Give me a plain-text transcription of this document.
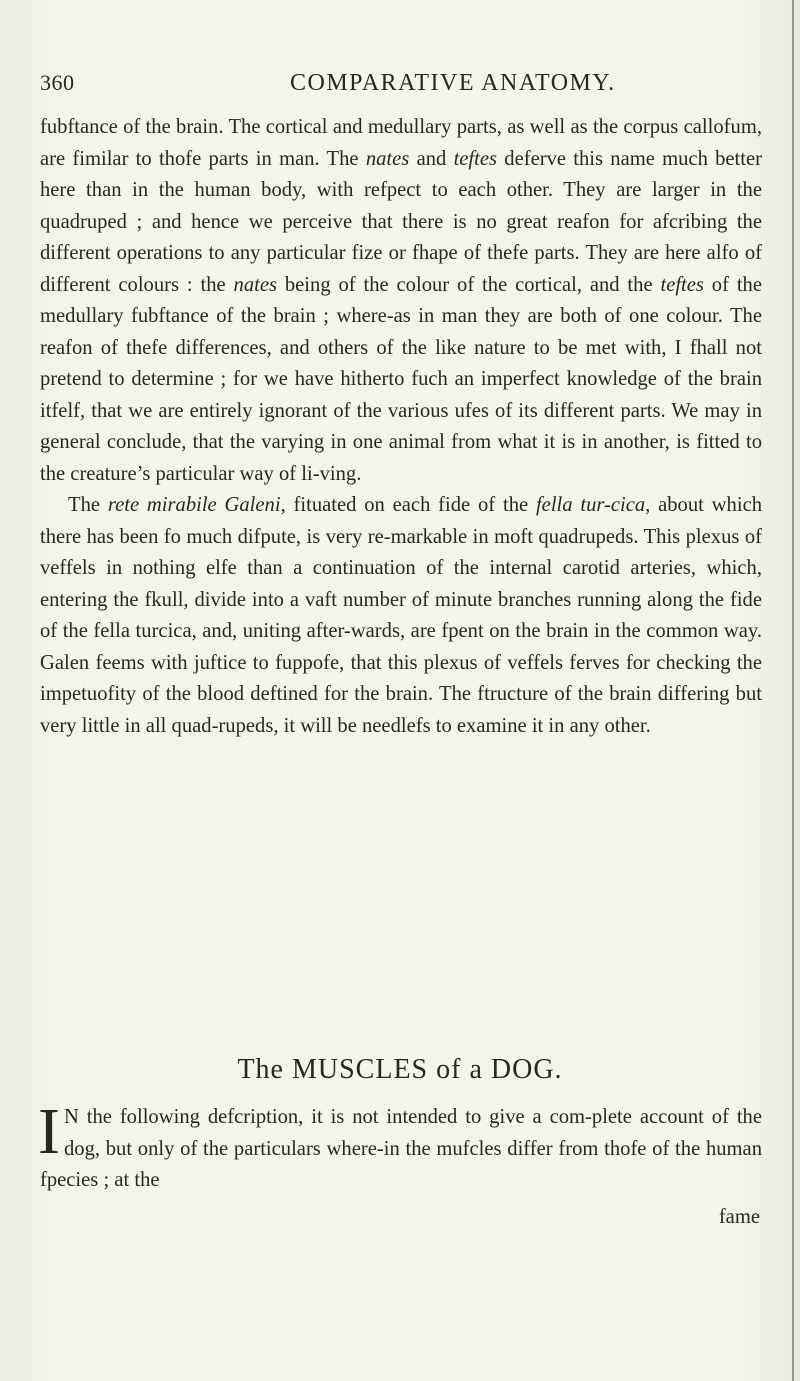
360	COMPARATIVE ANATOMY.

fubftance of the brain. The cortical and medullary parts, as well as the corpus callofum, are fimilar to thofe parts in man. The nates and teftes deferve this name much better here than in the human body, with refpect to each other. They are larger in the quadruped ; and hence we perceive that there is no great reafon for afcribing the different operations to any particular fize or fhape of thefe parts. They are here alfo of different colours : the nates being of the colour of the cortical, and the teftes of the medullary fubftance of the brain ; where-as in man they are both of one colour. The reafon of thefe differences, and others of the like nature to be met with, I fhall not pretend to determine ; for we have hitherto fuch an imperfect knowledge of the brain itfelf, that we are entirely ignorant of the various ufes of its different parts. We may in general conclude, that the varying in one animal from what it is in another, is fitted to the creature’s particular way of li-ving.

The rete mirabile Galeni, fituated on each fide of the fella tur-cica, about which there has been fo much difpute, is very re-markable in moft quadrupeds. This plexus of veffels in nothing elfe than a continuation of the internal carotid arteries, which, entering the fkull, divide into a vaft number of minute branches running along the fide of the fella turcica, and, uniting after-wards, are fpent on the brain in the common way. Galen feems with juftice to fuppofe, that this plexus of veffels ferves for checking the impetuofity of the blood deftined for the brain. The ftructure of the brain differing but very little in all quad-rupeds, it will be needlefs to examine it in any other.

The MUSCLES of a DOG.
I N the following defcription, it is not intended to give a com-plete account of the dog, but only of the particulars where-in the mufcles differ from thofe of the human fpecies ; at the
fame
